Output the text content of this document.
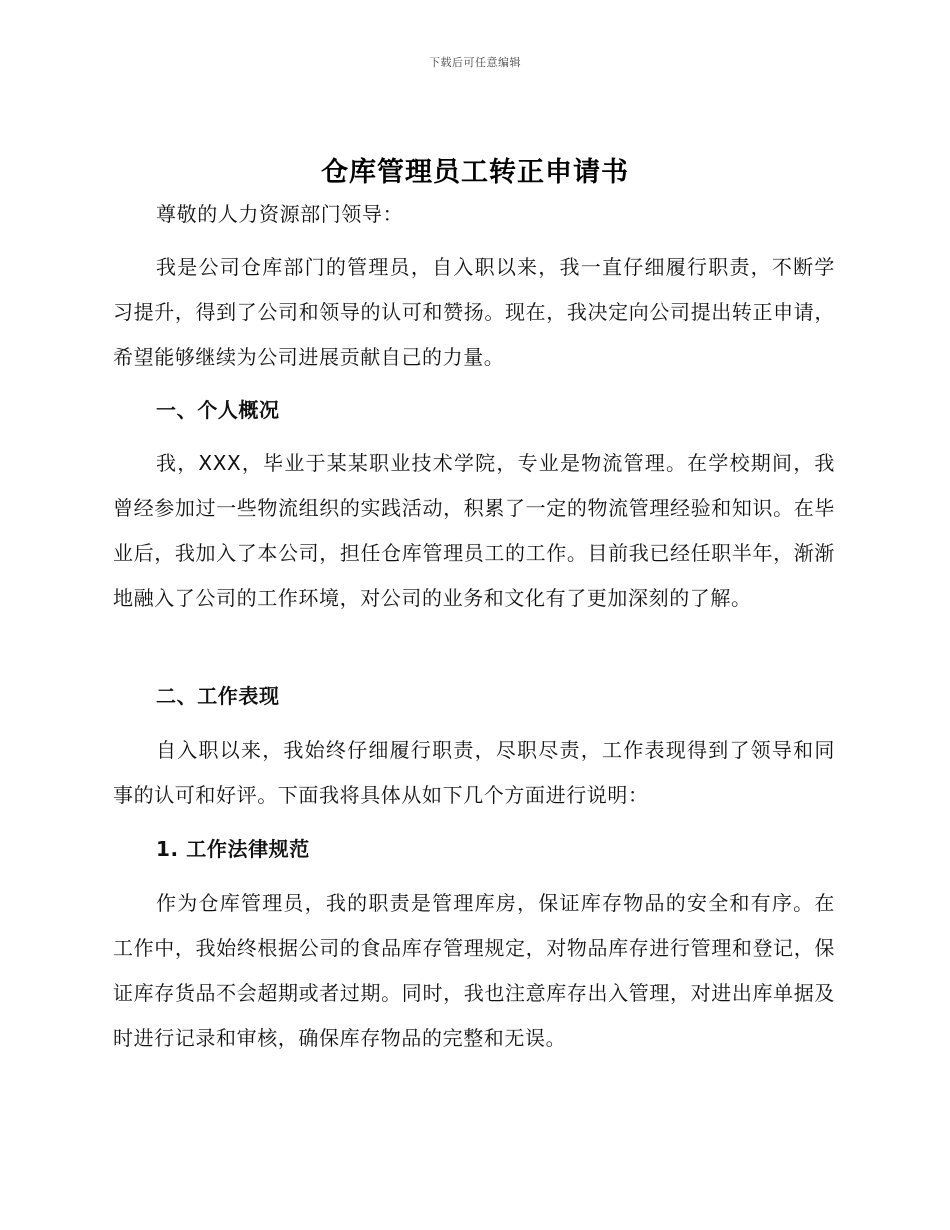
下载后可任意编辑
仓库管理员工转正申请书

尊敬的人力资源部门领导：

我是公司仓库部门的管理员，自入职以来，我一直仔细履行职责，不断学习提升，得到了公司和领导的认可和赞扬。现在，我决定向公司提出转正申请，希望能够继续为公司进展贡献自己的力量。

一、个人概况

我，XXX，毕业于某某职业技术学院，专业是物流管理。在学校期间，我曾经参加过一些物流组织的实践活动，积累了一定的物流管理经验和知识。在毕业后，我加入了本公司，担任仓库管理员工的工作。目前我已经任职半年，渐渐地融入了公司的工作环境，对公司的业务和文化有了更加深刻的了解。

二、工作表现

自入职以来，我始终仔细履行职责，尽职尽责，工作表现得到了领导和同事的认可和好评。下面我将具体从如下几个方面进行说明：

1. 工作法律规范

作为仓库管理员，我的职责是管理库房，保证库存物品的安全和有序。在工作中，我始终根据公司的食品库存管理规定，对物品库存进行管理和登记，保证库存货品不会超期或者过期。同时，我也注意库存出入管理，对进出库单据及时进行记录和审核，确保库存物品的完整和无误。
